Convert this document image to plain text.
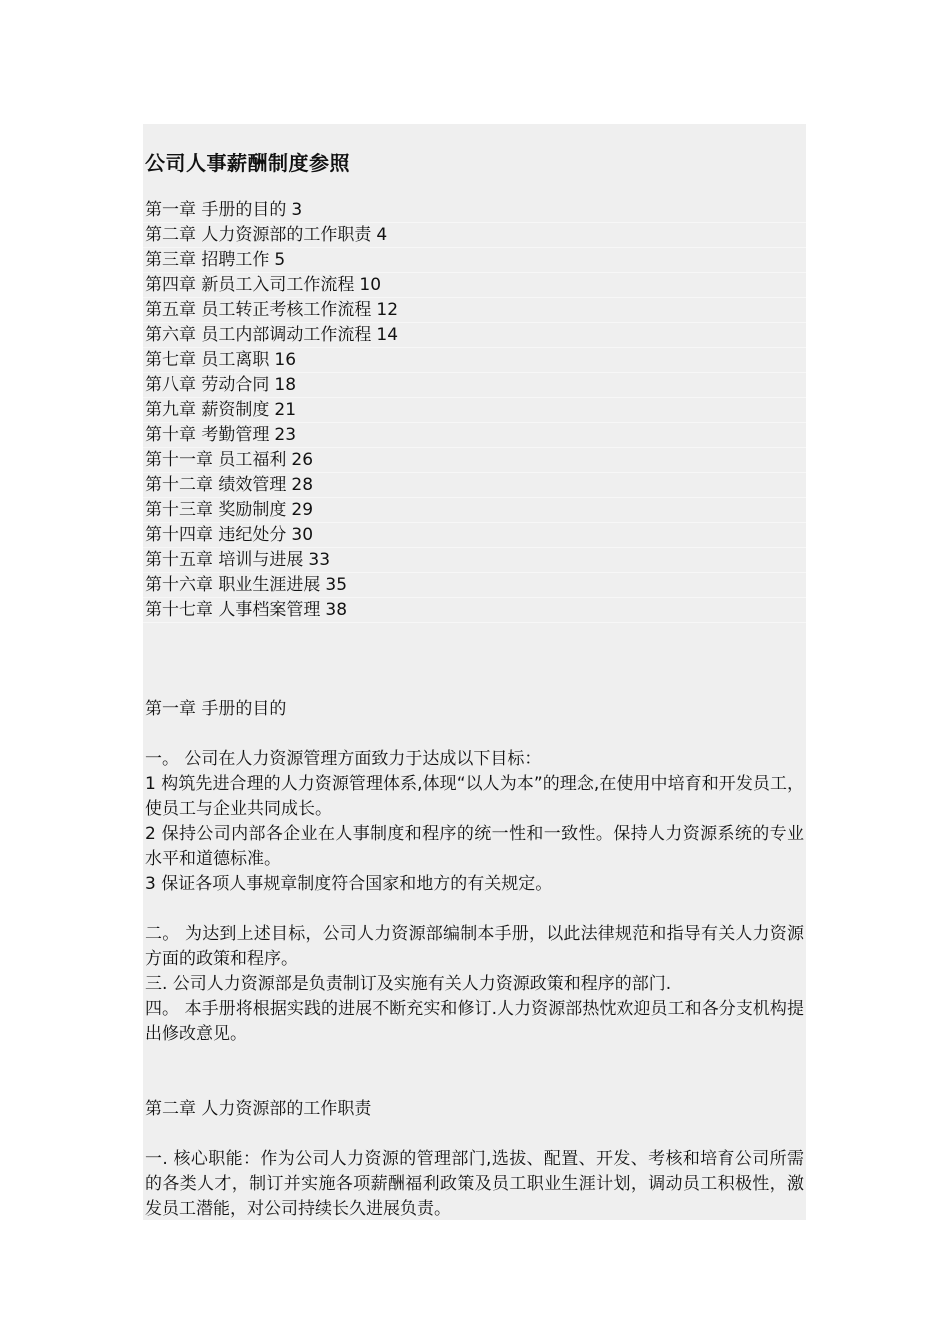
公司人事薪酬制度参照
第一章 手册的目的 3
第二章 人力资源部的工作职责 4
第三章 招聘工作 5
第四章 新员工入司工作流程 10
第五章 员工转正考核工作流程 12
第六章 员工内部调动工作流程 14
第七章 员工离职 16
第八章 劳动合同 18
第九章 薪资制度 21
第十章 考勤管理 23
第十一章 员工福利 26
第十二章 绩效管理 28
第十三章 奖励制度 29
第十四章 违纪处分 30
第十五章 培训与进展 33
第十六章 职业生涯进展 35
第十七章 人事档案管理 38
第一章 手册的目的
一。 公司在人力资源管理方面致力于达成以下目标：
1 构筑先进合理的人力资源管理体系,体现“以人为本”的理念,在使用中培育和开发员工，使员工与企业共同成长。
2 保持公司内部各企业在人事制度和程序的统一性和一致性。保持人力资源系统的专业水平和道德标准。
3 保证各项人事规章制度符合国家和地方的有关规定。
二。 为达到上述目标，公司人力资源部编制本手册，以此法律规范和指导有关人力资源方面的政策和程序。
三. 公司人力资源部是负责制订及实施有关人力资源政策和程序的部门.
四。 本手册将根据实践的进展不断充实和修订.人力资源部热忱欢迎员工和各分支机构提出修改意见。
第二章 人力资源部的工作职责
一. 核心职能：作为公司人力资源的管理部门,选拔、配置、开发、考核和培育公司所需的各类人才，制订并实施各项薪酬福利政策及员工职业生涯计划，调动员工积极性，激发员工潜能，对公司持续长久进展负责。
